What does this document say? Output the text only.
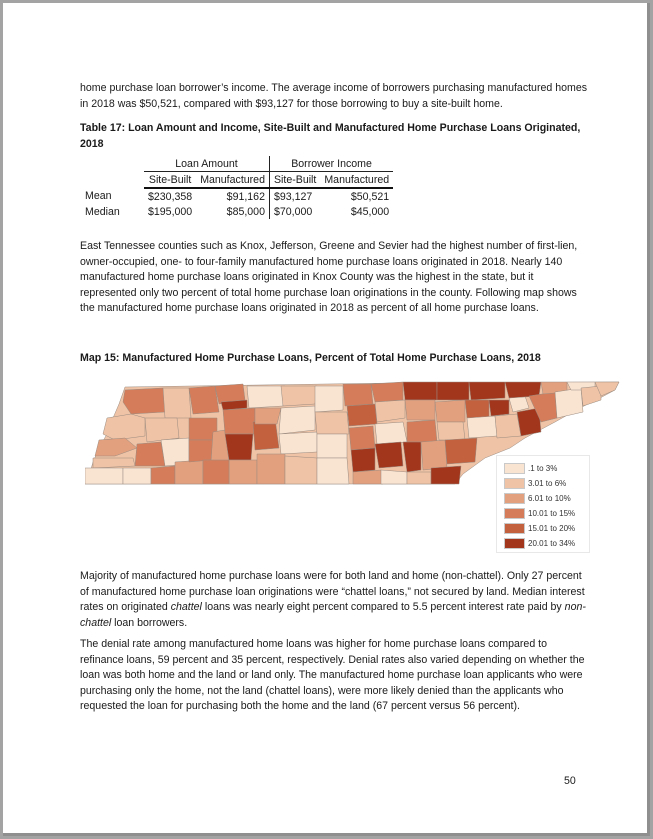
home purchase loan borrower’s income. The average income of borrowers purchasing manufactured homes in 2018 was $50,521, compared with $93,127 for those borrowing to buy a site-built home.
Table 17: Loan Amount and Income, Site-Built and Manufactured Home Purchase Loans Originated,
2018
	Loan Amount		Borrower Income	
	Site-Built	Manufactured	Site-Built	Manufactured
Mean	$230,358	$91,162	$93,127	$50,521
Median	$195,000	$85,000	$70,000	$45,000
East Tennessee counties such as Knox, Jefferson, Greene and Sevier had the highest number of first-lien, owner-occupied, one- to four-family manufactured home purchase loans originated in 2018. Nearly 140 manufactured home purchase loans originated in Knox County was the highest in the state, but it represented only two percent of total home purchase loan originations in the county. Following map shows the manufactured home purchase loans originated in 2018 as percent of all home purchase loans.
Map 15: Manufactured Home Purchase Loans, Percent of Total Home Purchase Loans, 2018
.1 to 3%
3.01 to 6%
6.01 to 10%
10.01 to 15%
15.01 to 20%
20.01 to 34%
Majority of manufactured home purchase loans were for both land and home (non-chattel). Only 27 percent of manufactured home purchase loan originations were “chattel loans,” not secured by land. Median interest rates on originated chattel loans was nearly eight percent compared to 5.5 percent interest rate paid by non-chattel loan borrowers.
The denial rate among manufactured home loans was higher for home purchase loans compared to refinance loans, 59 percent and 35 percent, respectively. Denial rates also varied depending on whether the loan was both home and the land or land only. The manufactured home purchase loan applicants who were purchasing only the home, not the land (chattel loans), were more likely denied than the applicants who requested the loan for purchasing both the home and the land (67 percent versus 56 percent).
50
